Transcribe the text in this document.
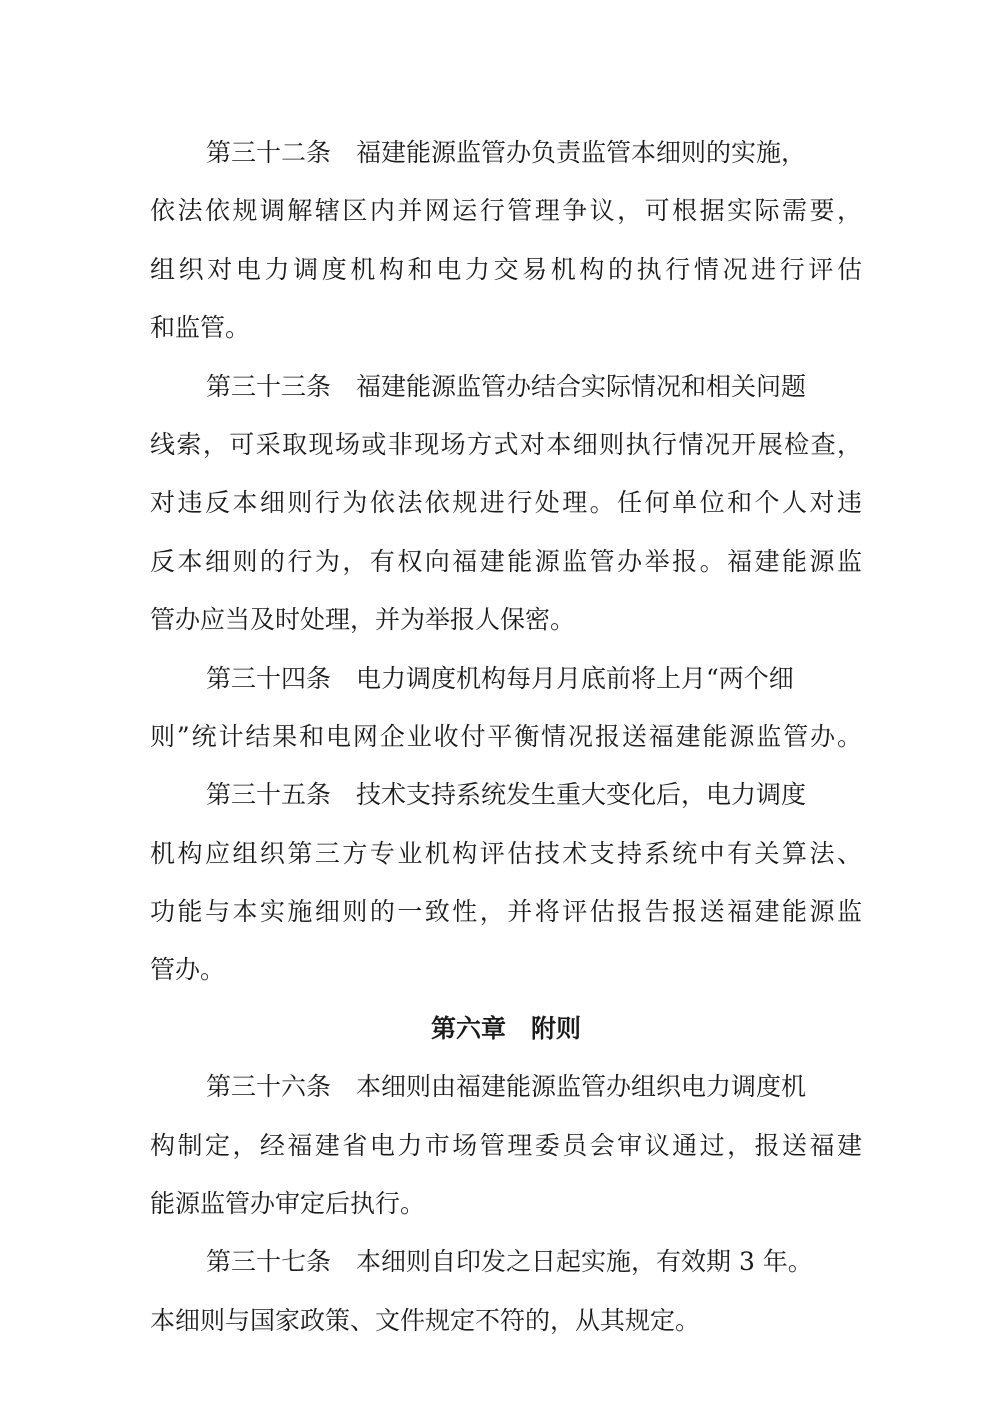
第三十二条　福建能源监管办负责监管本细则的实施，
依法依规调解辖区内并网运行管理争议，可根据实际需要，
组织对电力调度机构和电力交易机构的执行情况进行评估
和监管。
第三十三条　福建能源监管办结合实际情况和相关问题
线索，可采取现场或非现场方式对本细则执行情况开展检查，
对违反本细则行为依法依规进行处理。任何单位和个人对违
反本细则的行为，有权向福建能源监管办举报。福建能源监
管办应当及时处理，并为举报人保密。
第三十四条　电力调度机构每月月底前将上月“两个细
则”统计结果和电网企业收付平衡情况报送福建能源监管办。
第三十五条　技术支持系统发生重大变化后，电力调度
机构应组织第三方专业机构评估技术支持系统中有关算法、
功能与本实施细则的一致性，并将评估报告报送福建能源监
管办。
第六章　附则
第三十六条　本细则由福建能源监管办组织电力调度机
构制定，经福建省电力市场管理委员会审议通过，报送福建
能源监管办审定后执行。
第三十七条　本细则自印发之日起实施，有效期 3 年。
本细则与国家政策、文件规定不符的，从其规定。
